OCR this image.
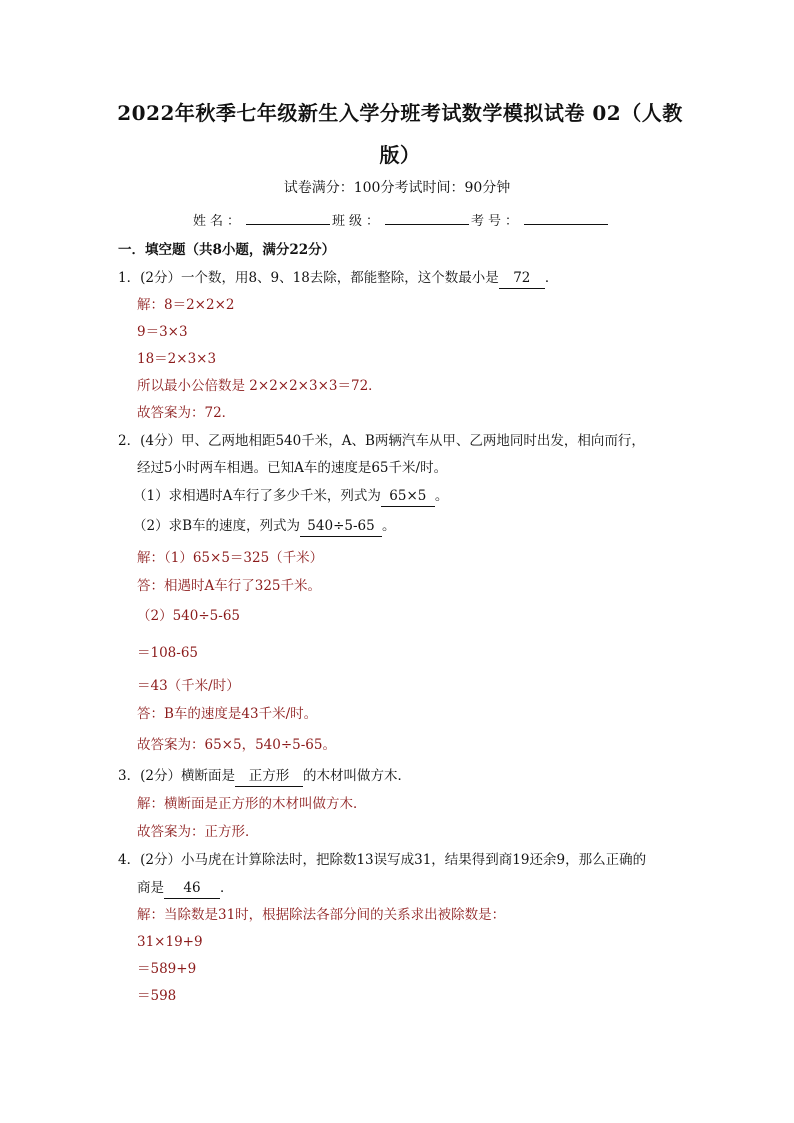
2022年秋季七年级新生入学分班考试数学模拟试卷 02（人教版）
试卷满分：100分考试时间：90分钟
姓名：	班级：	考号：
一．填空题（共8小题，满分22分）
1．(2分）一个数，用8、9、18去除，都能整除，这个数最小是 72 ．
解：8＝2×2×2
9＝3×3
18＝2×3×3
所以最小公倍数是 2×2×2×3×3＝72．
故答案为：72．
2．(4分）甲、乙两地相距540千米，A、B两辆汽车从甲、乙两地同时出发，相向而行，
经过5小时两车相遇。已知A车的速度是65千米/时。
（1）求相遇时A车行了多少千米，列式为 65×5 。
（2）求B车的速度，列式为 540÷5-65 。
解：（1）65×5＝325（千米）
答：相遇时A车行了325千米。
（2）540÷5-65
＝108-65
＝43（千米/时）
答：B车的速度是43千米/时。
故答案为：65×5，540÷5-65。
3．(2分）横断面是 正方形 的木材叫做方木．
解：横断面是正方形的木材叫做方木．
故答案为：正方形．
4．(2分）小马虎在计算除法时，把除数13误写成31，结果得到商19还余9，那么正确的
商是 46 ．
解：当除数是31时，根据除法各部分间的关系求出被除数是：
31×19+9
＝589+9
＝598
